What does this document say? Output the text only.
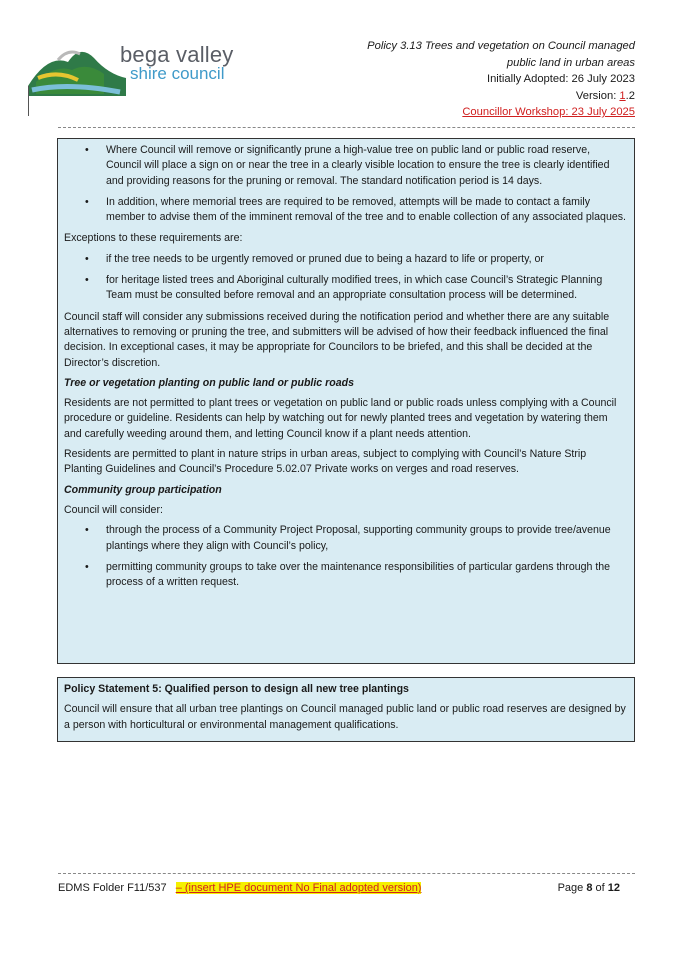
bega valley
shire council
Policy 3.13 Trees and vegetation on Council managed
public land in urban areas
Initially Adopted: 26 July 2023
Version: 1.2
Councillor Workshop: 23 July 2025
• Where Council will remove or significantly prune a high-value tree on public land or public road reserve, Council will place a sign on or near the tree in a clearly visible location to ensure the tree is clearly identified and providing reasons for the pruning or removal. The standard notification period is 14 days.
• In addition, where memorial trees are required to be removed, attempts will be made to contact a family member to advise them of the imminent removal of the tree and to enable collection of any associated plaques.

Exceptions to these requirements are:

• if the tree needs to be urgently removed or pruned due to being a hazard to life or property, or
• for heritage listed trees and Aboriginal culturally modified trees, in which case Council’s Strategic Planning Team must be consulted before removal and an appropriate consultation process will be determined.

Council staff will consider any submissions received during the notification period and whether there are any suitable alternatives to removing or pruning the tree, and submitters will be advised of how their feedback influenced the final decision. In exceptional cases, it may be appropriate for Councilors to be briefed, and this shall be decided at the Director’s discretion.

Tree or vegetation planting on public land or public roads

Residents are not permitted to plant trees or vegetation on public land or public roads unless complying with a Council procedure or guideline. Residents can help by watching out for newly planted trees and vegetation by watering them and carefully weeding around them, and letting Council know if a plant needs attention.

Residents are permitted to plant in nature strips in urban areas, subject to complying with Council’s Nature Strip Planting Guidelines and Council’s Procedure 5.02.07 Private works on verges and road reserves.

Community group participation

Council will consider:

• through the process of a Community Project Proposal, supporting community groups to provide tree/avenue plantings where they align with Council’s policy,
• permitting community groups to take over the maintenance responsibilities of particular gardens through the process of a written request.

Policy Statement 5: Qualified person to design all new tree plantings

Council will ensure that all urban tree plantings on Council managed public land or public road reserves are designed by a person with horticultural or environmental management qualifications.

EDMS Folder F11/537 – (insert HPE document No Final adopted version)	Page 8 of 12
